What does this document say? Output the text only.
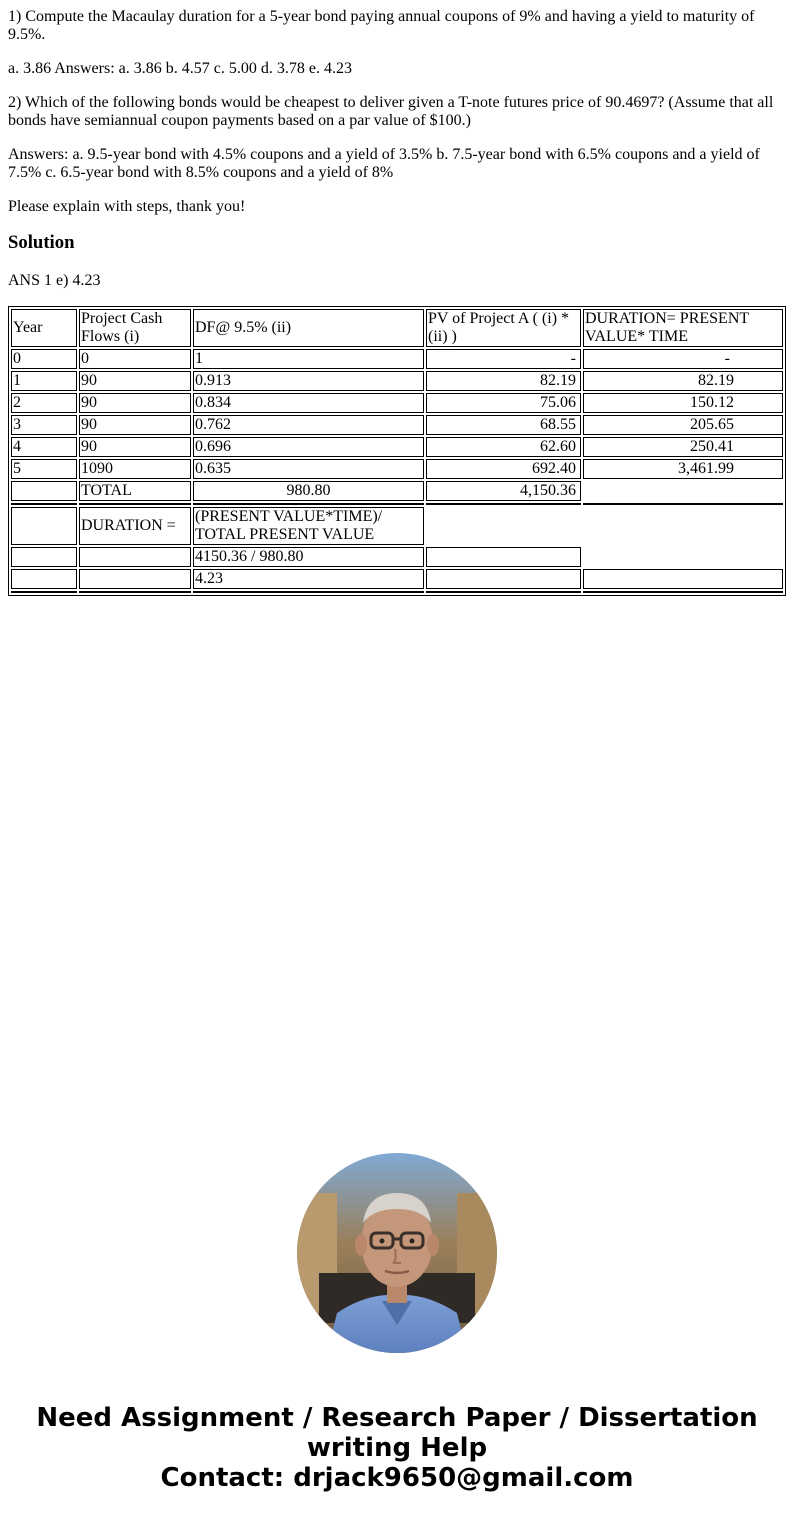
1) Compute the Macaulay duration for a 5-year bond paying annual coupons of 9% and having a yield to maturity of 9.5%.

a. 3.86 Answers: a. 3.86 b. 4.57 c. 5.00 d. 3.78 e. 4.23

2) Which of the following bonds would be cheapest to deliver given a T-note futures price of 90.4697? (Assume that all bonds have semiannual coupon payments based on a par value of $100.)

Answers: a. 9.5-year bond with 4.5% coupons and a yield of 3.5% b. 7.5-year bond with 6.5% coupons and a yield of 7.5% c. 6.5-year bond with 8.5% coupons and a yield of 8%

Please explain with steps, thank you!

Solution

ANS 1 e) 4.23

Year	Project Cash Flows (i)	DF@ 9.5% (ii)	PV of Project A ( (i) * (ii) )	DURATION= PRESENT VALUE* TIME
0	0	1	-	-
1	90	0.913	82.19	82.19
2	90	0.834	75.06	150.12
3	90	0.762	68.55	205.65
4	90	0.696	62.60	250.41
5	1090	0.635	692.40	3,461.99
	TOTAL	980.80	4,150.36	

	DURATION =	(PRESENT VALUE*TIME)/ TOTAL PRESENT VALUE		
		4150.36 / 980.80		
		4.23		

Need Assignment / Research Paper / Dissertation
writing Help
Contact: drjack9650@gmail.com
